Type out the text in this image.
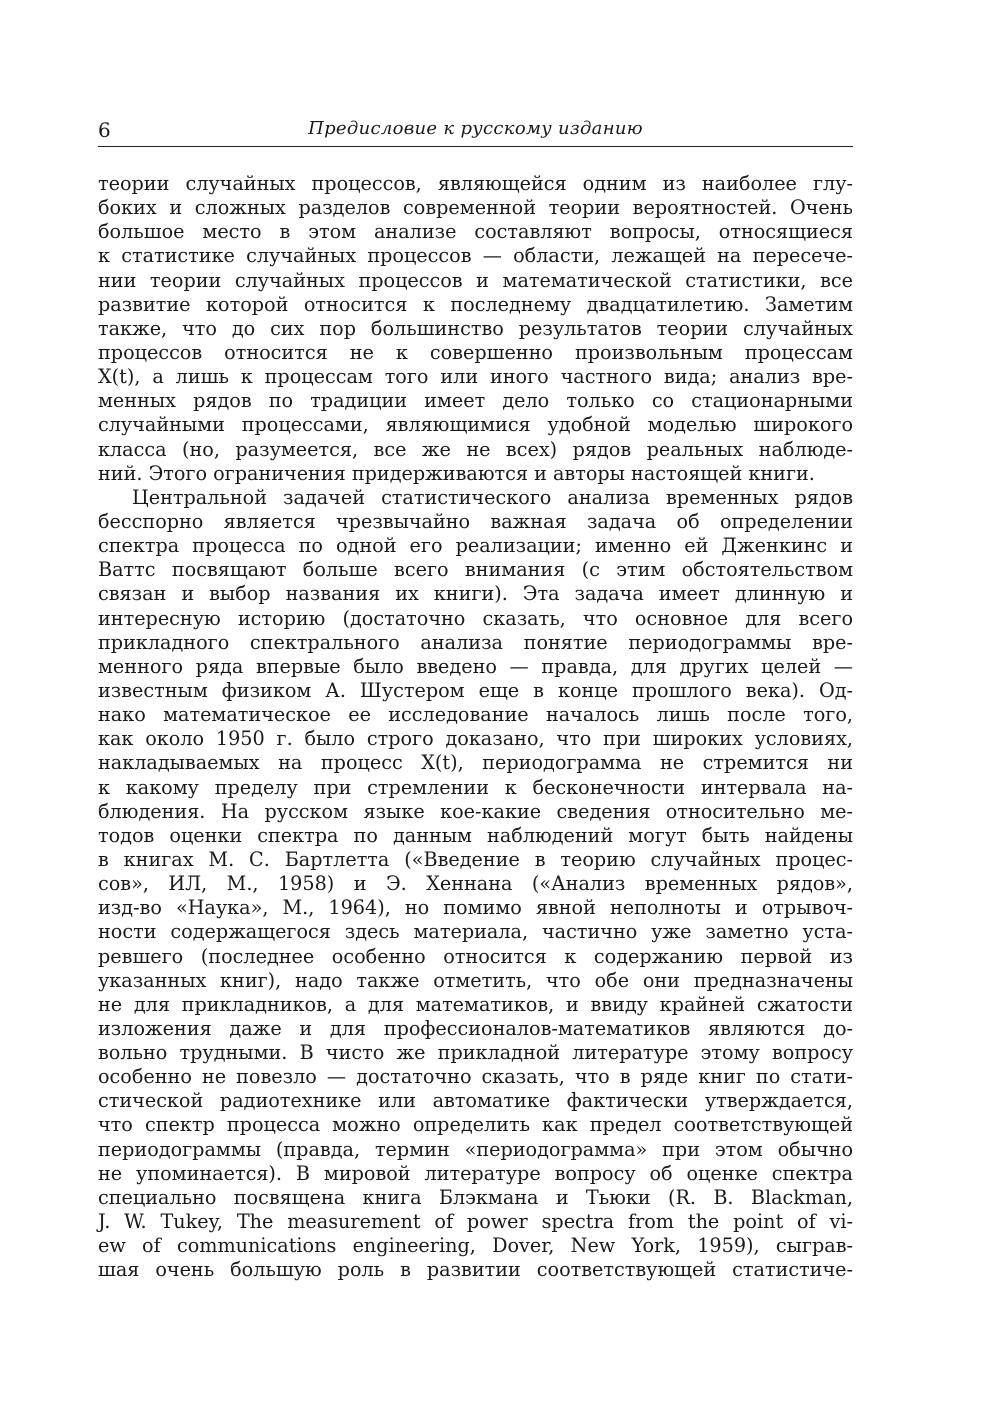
6	Предисловие к русскому изданию
теории случайных процессов, являющейся одним из наиболее глу-
боких и сложных разделов современной теории вероятностей. Очень
большое место в этом анализе составляют вопросы, относящиеся
к статистике случайных процессов — области, лежащей на пересече-
нии теории случайных процессов и математической статистики, все
развитие которой относится к последнему двадцатилетию. Заметим
также, что до сих пор большинство результатов теории случайных
процессов относится не к совершенно произвольным процессам
X(t), а лишь к процессам того или иного частного вида; анализ вре-
менных рядов по традиции имеет дело только со стационарными
случайными процессами, являющимися удобной моделью широкого
класса (но, разумеется, все же не всех) рядов реальных наблюде-
ний. Этого ограничения придерживаются и авторы настоящей книги.
Центральной задачей статистического анализа временных рядов
бесспорно является чрезвычайно важная задача об определении
спектра процесса по одной его реализации; именно ей Дженкинс и
Ваттс посвящают больше всего внимания (с этим обстоятельством
связан и выбор названия их книги). Эта задача имеет длинную и
интересную историю (достаточно сказать, что основное для всего
прикладного спектрального анализа понятие периодограммы вре-
менного ряда впервые было введено — правда, для других целей —
известным физиком А. Шустером еще в конце прошлого века). Од-
нако математическое ее исследование началось лишь после того,
как около 1950 г. было строго доказано, что при широких условиях,
накладываемых на процесс X(t), периодограмма не стремится ни
к какому пределу при стремлении к бесконечности интервала на-
блюдения. На русском языке кое-какие сведения относительно ме-
тодов оценки спектра по данным наблюдений могут быть найдены
в книгах М. С. Бартлетта («Введение в теорию случайных процес-
сов», ИЛ, М., 1958) и Э. Хеннана («Анализ временных рядов»,
изд-во «Наука», М., 1964), но помимо явной неполноты и отрывоч-
ности содержащегося здесь материала, частично уже заметно уста-
ревшего (последнее особенно относится к содержанию первой из
указанных книг), надо также отметить, что обе они предназначены
не для прикладников, а для математиков, и ввиду крайней сжатости
изложения даже и для профессионалов-математиков являются до-
вольно трудными. В чисто же прикладной литературе этому вопросу
особенно не повезло — достаточно сказать, что в ряде книг по стати-
стической радиотехнике или автоматике фактически утверждается,
что спектр процесса можно определить как предел соответствующей
периодограммы (правда, термин «периодограмма» при этом обычно
не упоминается). В мировой литературе вопросу об оценке спектра
специально посвящена книга Блэкмана и Тьюки (R. B. Blackman,
J. W. Tukey, The measurement of power spectra from the point of vi-
ew of communications engineering, Dover, New York, 1959), сыграв-
шая очень большую роль в развитии соответствующей статистиче-
